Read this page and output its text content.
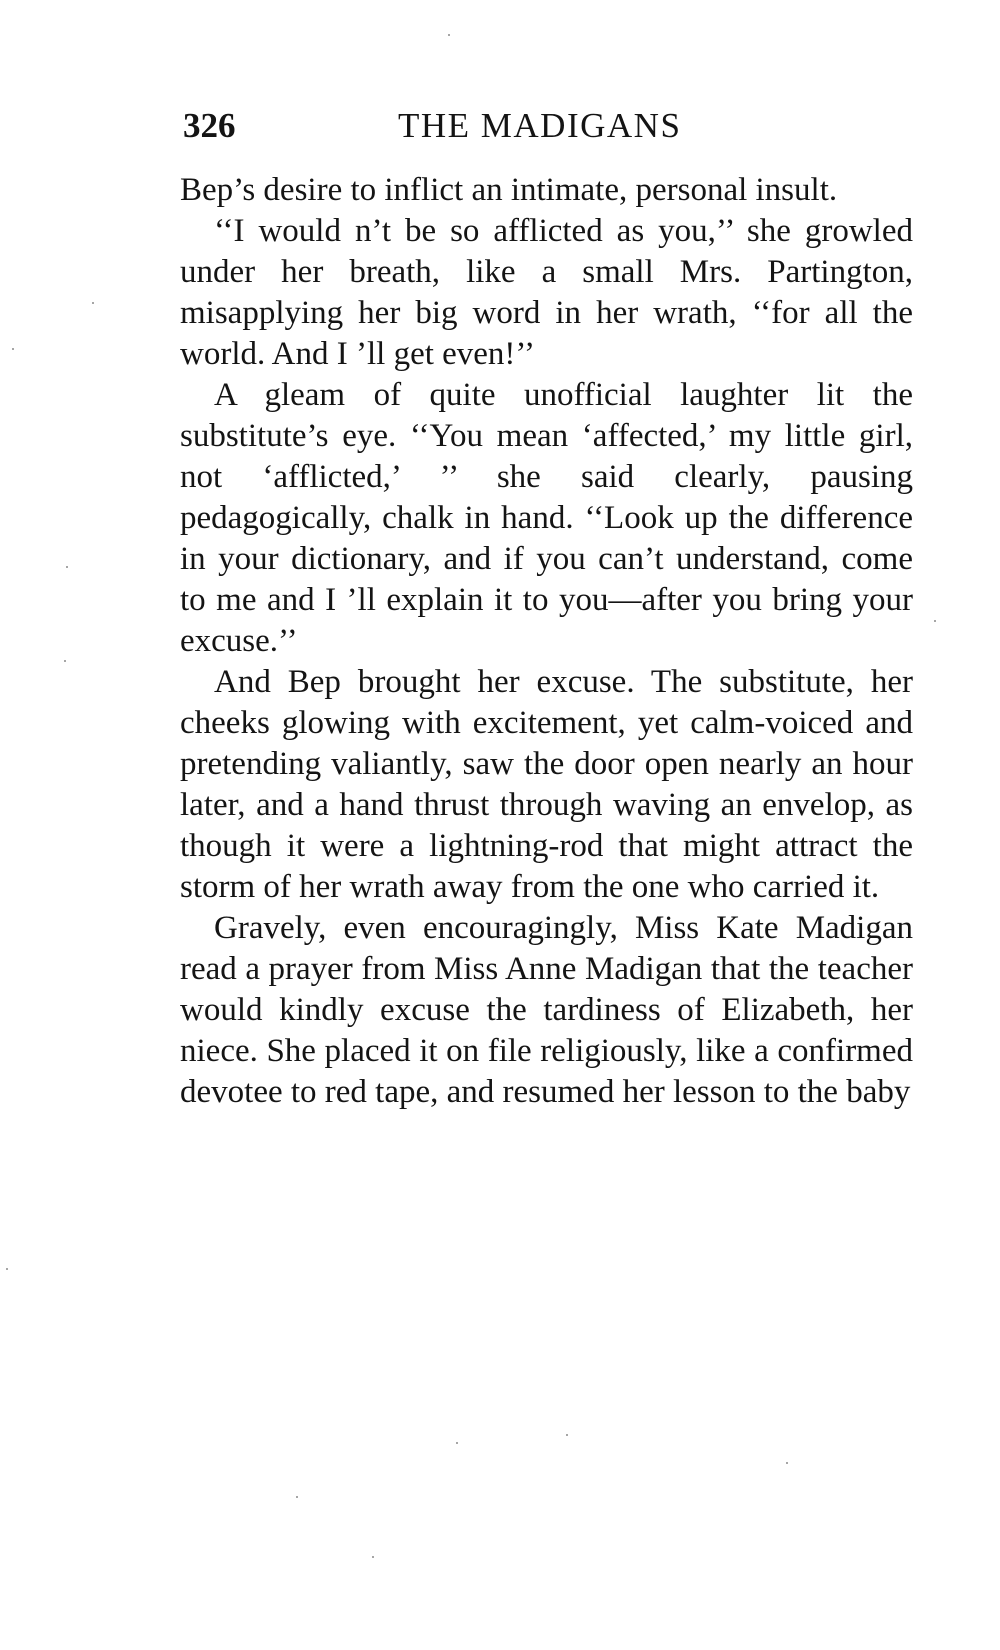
326	THE MADIGANS

Bep’s desire to inflict an intimate, personal insult.

‘‘I would n’t be so afflicted as you,’’ she growled under her breath, like a small Mrs. Partington, misapplying her big word in her wrath, ‘‘for all the world. And I ’ll get even!’’

A gleam of quite unofficial laughter lit the substitute’s eye. ‘‘You mean ‘affected,’ my little girl, not ‘afflicted,’ ’’ she said clearly, pausing pedagogically, chalk in hand. ‘‘Look up the difference in your dictionary, and if you can’t understand, come to me and I ’ll explain it to you—after you bring your excuse.’’

And Bep brought her excuse. The substitute, her cheeks glowing with excitement, yet calm-voiced and pretending valiantly, saw the door open nearly an hour later, and a hand thrust through waving an envelop, as though it were a lightning-rod that might attract the storm of her wrath away from the one who carried it.

Gravely, even encouragingly, Miss Kate Madigan read a prayer from Miss Anne Madigan that the teacher would kindly excuse the tardiness of Elizabeth, her niece. She placed it on file religiously, like a confirmed devotee to red tape, and resumed her lesson to the baby
